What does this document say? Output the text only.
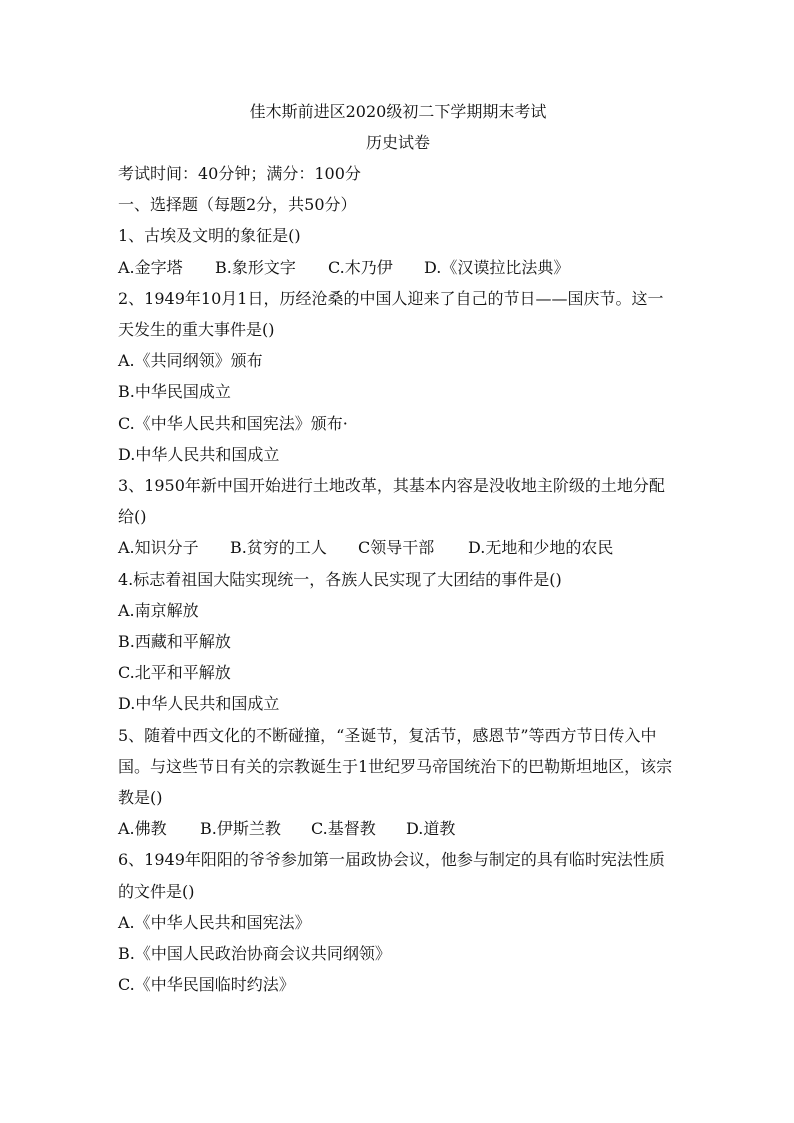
佳木斯前进区2020级初二下学期期末考试

历史试卷

考试时间：40分钟；满分：100分

一、选择题（每题2分，共50分）

1、古埃及文明的象征是()

A.金字塔 B.象形文字 C.木乃伊 D.《汉谟拉比法典》

2、1949年10月1日，历经沧桑的中国人迎来了自己的节日——国庆节。这一天发生的重大事件是()

A.《共同纲领》颁布

B.中华民国成立

C.《中华人民共和国宪法》颁布·

D.中华人民共和国成立

3、1950年新中国开始进行土地改革，其基本内容是没收地主阶级的土地分配给()

A.知识分子 B.贫穷的工人 C领导干部 D.无地和少地的农民

4.标志着祖国大陆实现统一，各族人民实现了大团结的事件是()

A.南京解放

B.西藏和平解放

C.北平和平解放

D.中华人民共和国成立

5、随着中西文化的不断碰撞，“圣诞节，复活节，感恩节”等西方节日传入中国。与这些节日有关的宗教诞生于1世纪罗马帝国统治下的巴勒斯坦地区，该宗教是()

A.佛教 B.伊斯兰教 C.基督教 D.道教

6、1949年阳阳的爷爷参加第一届政协会议，他参与制定的具有临时宪法性质的文件是()

A.《中华人民共和国宪法》

B.《中国人民政治协商会议共同纲领》

C.《中华民国临时约法》
